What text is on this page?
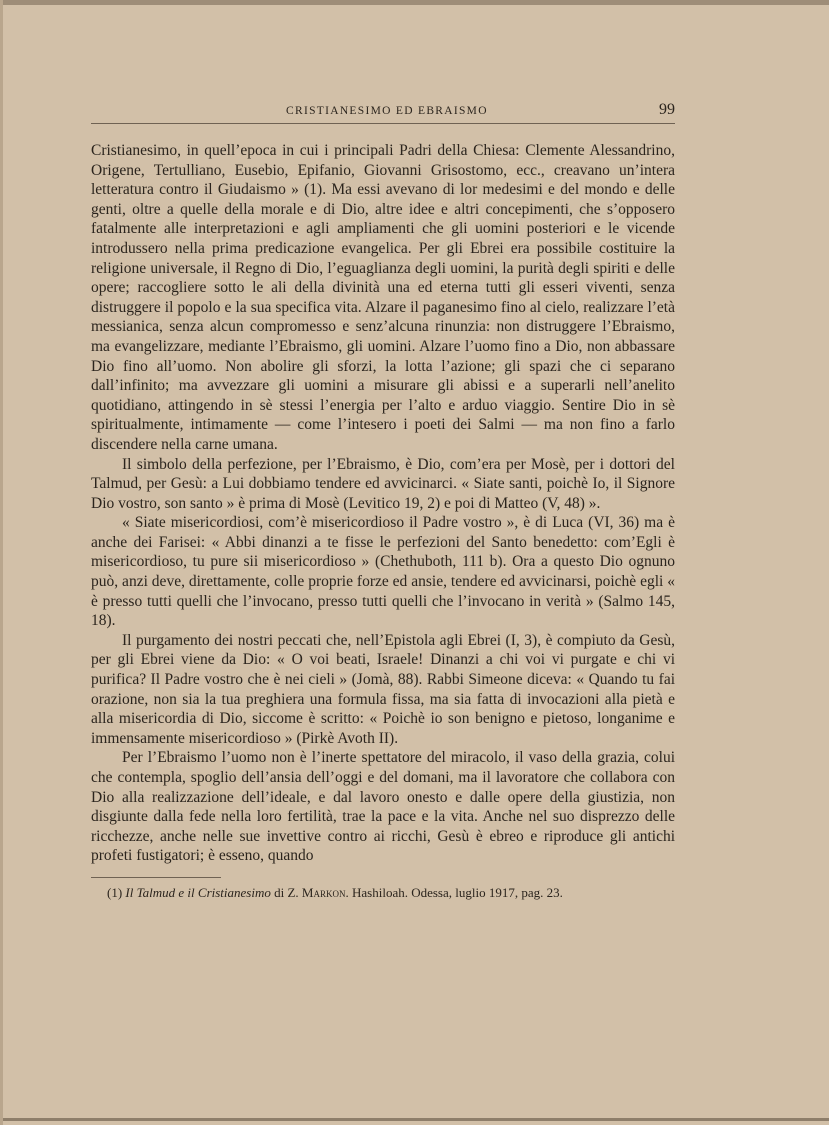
CRISTIANESIMO ED EBRAISMO	99

Cristianesimo, in quell’epoca in cui i principali Padri della Chiesa: Clemente Alessandrino, Origene, Tertulliano, Eusebio, Epifanio, Giovanni Grisostomo, ecc., creavano un’intera letteratura contro il Giudaismo » (1). Ma essi avevano di lor medesimi e del mondo e delle genti, oltre a quelle della morale e di Dio, altre idee e altri concepimenti, che s’opposero fatalmente alle interpretazioni e agli ampliamenti che gli uomini posteriori e le vicende introdussero nella prima predicazione evangelica. Per gli Ebrei era possibile costituire la religione universale, il Regno di Dio, l’eguaglianza degli uomini, la purità degli spiriti e delle opere; raccogliere sotto le ali della divinità una ed eterna tutti gli esseri viventi, senza distruggere il popolo e la sua specifica vita. Alzare il paganesimo fino al cielo, realizzare l’età messianica, senza alcun compromesso e senz’alcuna rinunzia: non distruggere l’Ebraismo, ma evangelizzare, mediante l’Ebraismo, gli uomini. Alzare l’uomo fino a Dio, non abbassare Dio fino all’uomo. Non abolire gli sforzi, la lotta l’azione; gli spazi che ci separano dall’infinito; ma avvezzare gli uomini a misurare gli abissi e a superarli nell’anelito quotidiano, attingendo in sè stessi l’energia per l’alto e arduo viaggio. Sentire Dio in sè spiritualmente, intimamente — come l’intesero i poeti dei Salmi — ma non fino a farlo discendere nella carne umana.

Il simbolo della perfezione, per l’Ebraismo, è Dio, com’era per Mosè, per i dottori del Talmud, per Gesù: a Lui dobbiamo tendere ed avvicinarci. « Siate santi, poichè Io, il Signore Dio vostro, son santo » è prima di Mosè (Levitico 19, 2) e poi di Matteo (V, 48) ».

« Siate misericordiosi, com’è misericordioso il Padre vostro », è di Luca (VI, 36) ma è anche dei Farisei: « Abbi dinanzi a te fisse le perfezioni del Santo benedetto: com’Egli è misericordioso, tu pure sii misericordioso » (Chethuboth, 111 b). Ora a questo Dio ognuno può, anzi deve, direttamente, colle proprie forze ed ansie, tendere ed avvicinarsi, poichè egli « è presso tutti quelli che l’invocano, presso tutti quelli che l’invocano in verità » (Salmo 145, 18).

Il purgamento dei nostri peccati che, nell’Epistola agli Ebrei (I, 3), è compiuto da Gesù, per gli Ebrei viene da Dio: « O voi beati, Israele! Dinanzi a chi voi vi purgate e chi vi purifica? Il Padre vostro che è nei cieli » (Jomà, 88). Rabbi Simeone diceva: « Quando tu fai orazione, non sia la tua preghiera una formula fissa, ma sia fatta di invocazioni alla pietà e alla misericordia di Dio, siccome è scritto: « Poichè io son benigno e pietoso, longanime e immensamente misericordioso » (Pirkè Avoth II).

Per l’Ebraismo l’uomo non è l’inerte spettatore del miracolo, il vaso della grazia, colui che contempla, spoglio dell’ansia dell’oggi e del domani, ma il lavoratore che collabora con Dio alla realizzazione dell’ideale, e dal lavoro onesto e dalle opere della giustizia, non disgiunte dalla fede nella loro fertilità, trae la pace e la vita. Anche nel suo disprezzo delle ricchezze, anche nelle sue invettive contro ai ricchi, Gesù è ebreo e riproduce gli antichi profeti fustigatori; è esseno, quando

(1) Il Talmud e il Cristianesimo di Z. Markon. Hashiloah. Odessa, luglio 1917, pag. 23.
